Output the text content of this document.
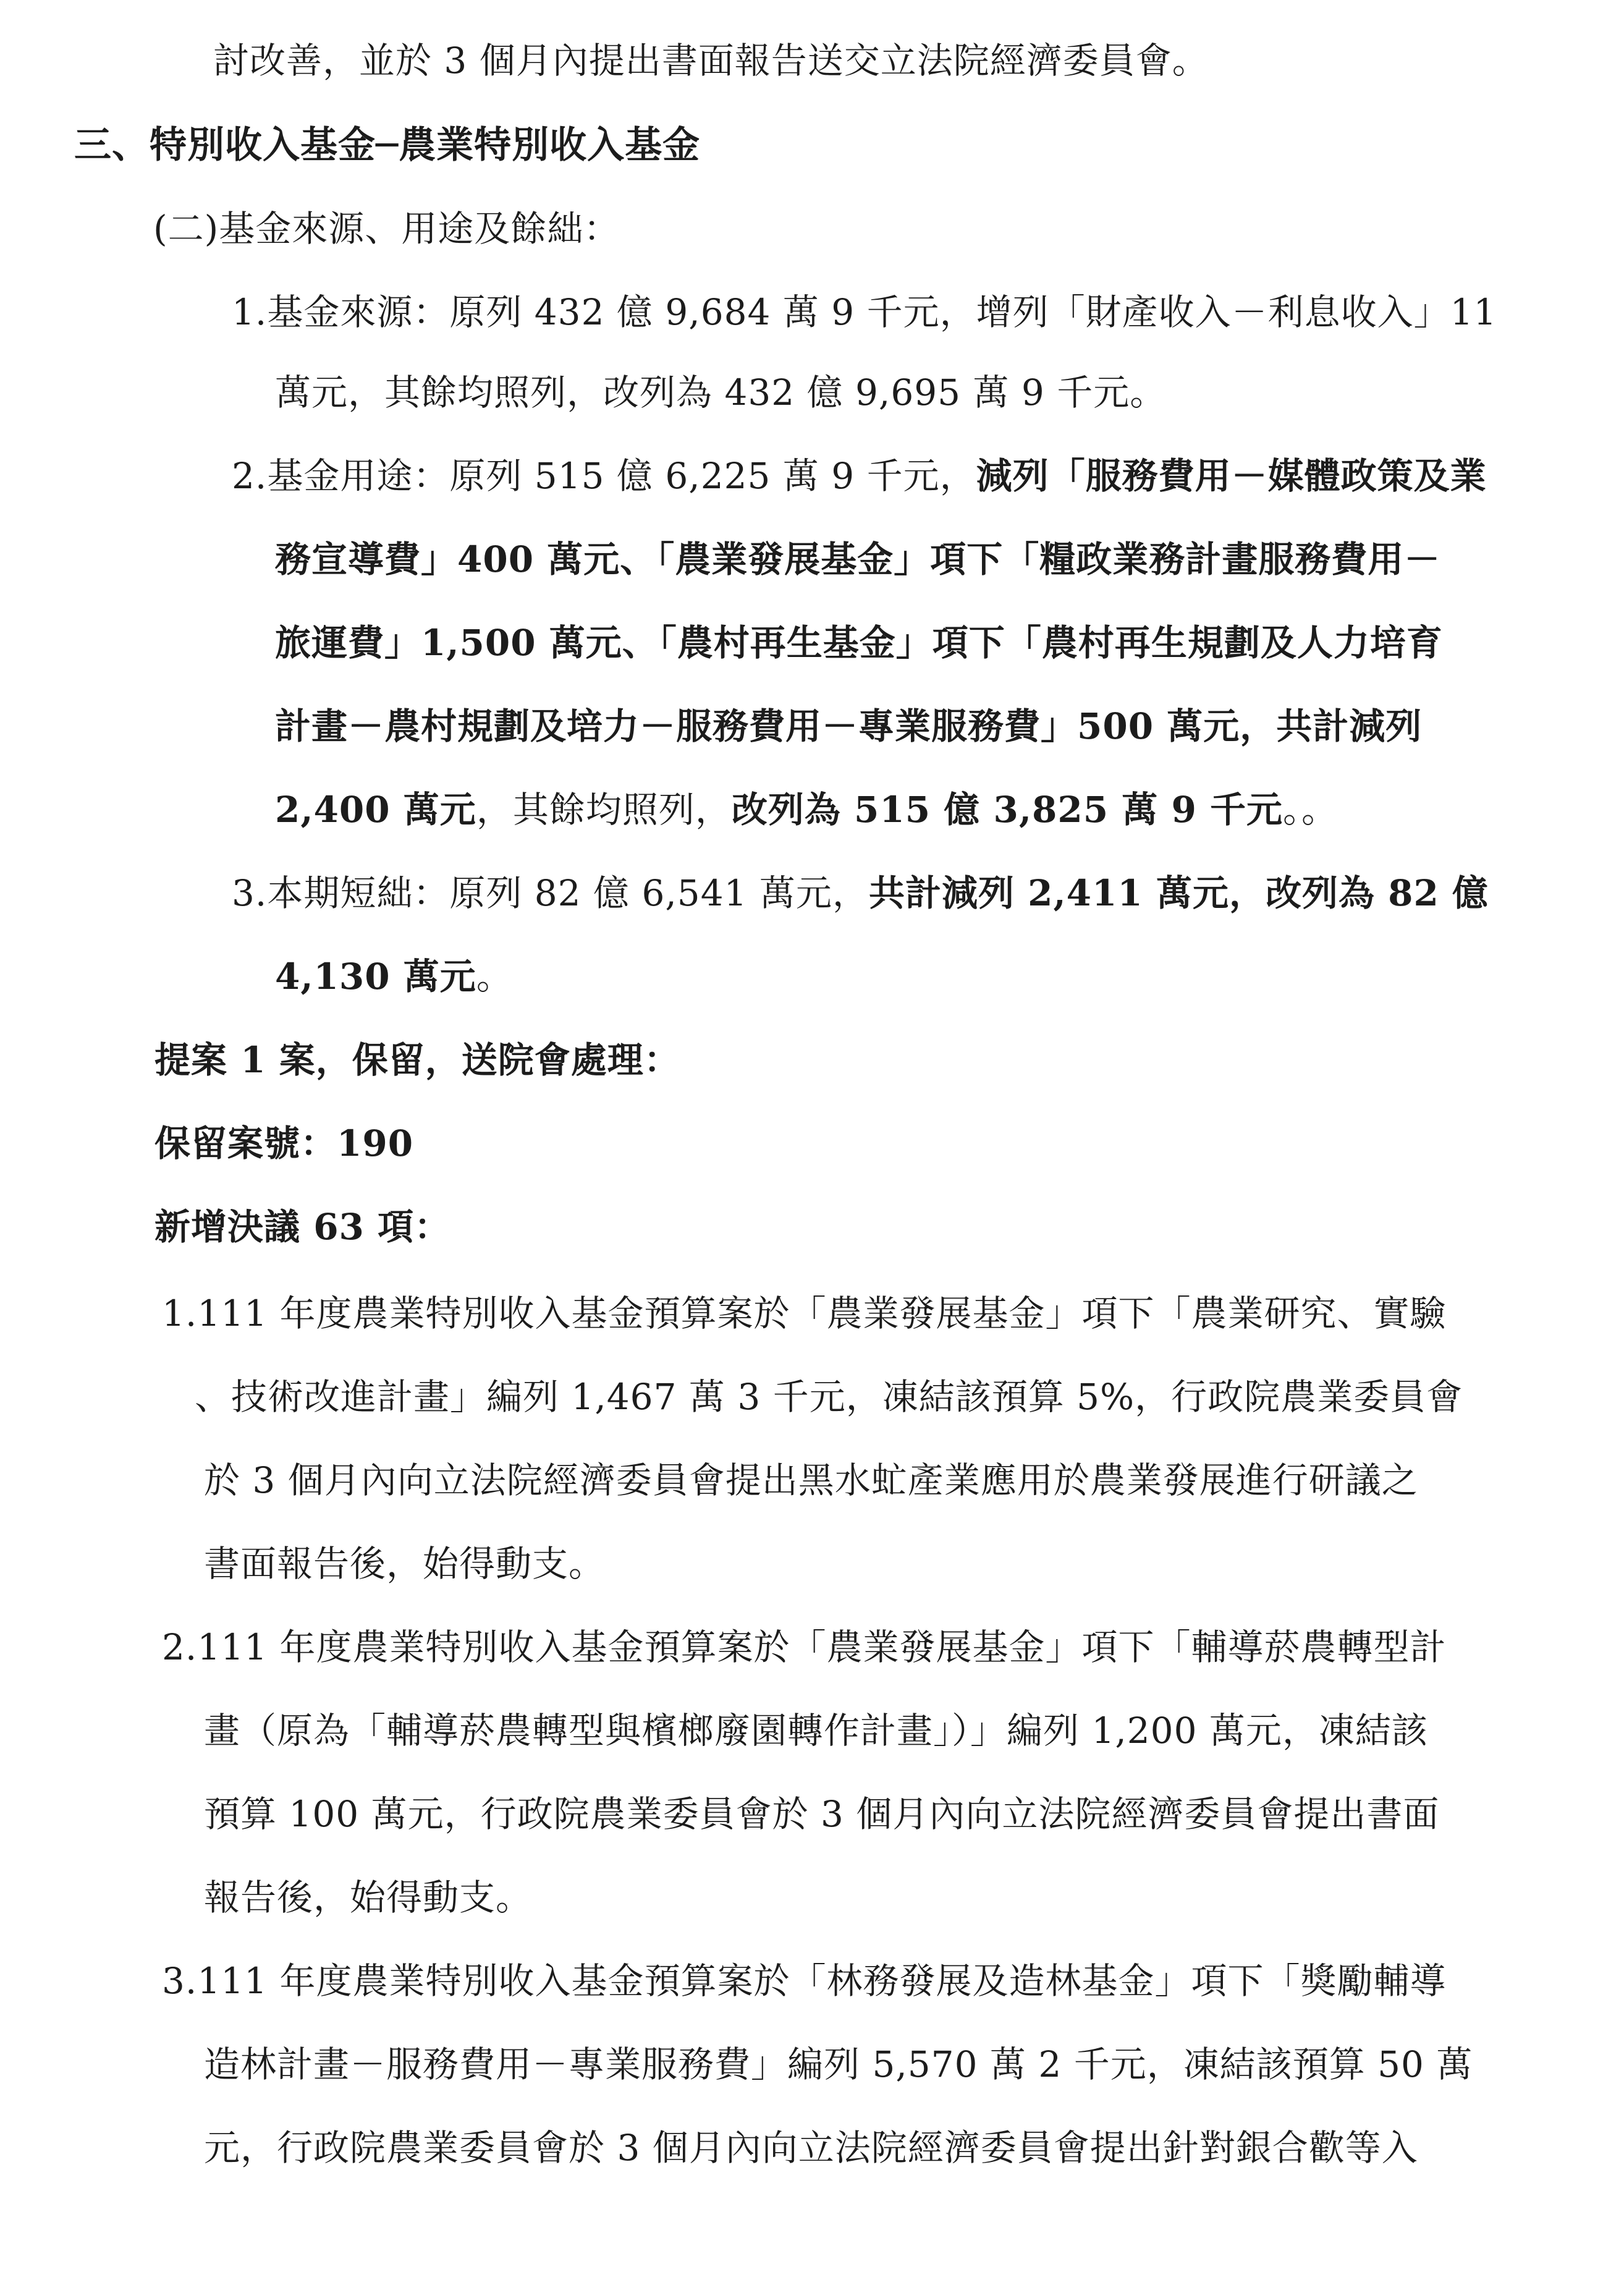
討改善，並於 3 個月內提出書面報告送交立法院經濟委員會。
三、特別收入基金─農業特別收入基金
(二)基金來源、用途及餘絀：
1.基金來源：原列 432 億 9,684 萬 9 千元，增列「財產收入－利息收入」11
萬元，其餘均照列，改列為 432 億 9,695 萬 9 千元。
2.基金用途：原列 515 億 6,225 萬 9 千元，減列「服務費用－媒體政策及業
務宣導費」400 萬元、「農業發展基金」項下「糧政業務計畫服務費用－
旅運費」1,500 萬元、「農村再生基金」項下「農村再生規劃及人力培育
計畫－農村規劃及培力－服務費用－專業服務費」500 萬元，共計減列
2,400 萬元，其餘均照列，改列為 515 億 3,825 萬 9 千元。。
3.本期短絀：原列 82 億 6,541 萬元，共計減列 2,411 萬元，改列為 82 億
4,130 萬元。
提案 1 案，保留，送院會處理：
保留案號：190
新增決議 63 項：
1.111 年度農業特別收入基金預算案於「農業發展基金」項下「農業研究、實驗
、技術改進計畫」編列 1,467 萬 3 千元，凍結該預算 5%，行政院農業委員會
於 3 個月內向立法院經濟委員會提出黑水虻產業應用於農業發展進行研議之
書面報告後，始得動支。
2.111 年度農業特別收入基金預算案於「農業發展基金」項下「輔導菸農轉型計
畫（原為「輔導菸農轉型與檳榔廢園轉作計畫」）」編列 1,200 萬元，凍結該
預算 100 萬元，行政院農業委員會於 3 個月內向立法院經濟委員會提出書面
報告後，始得動支。
3.111 年度農業特別收入基金預算案於「林務發展及造林基金」項下「獎勵輔導
造林計畫－服務費用－專業服務費」編列 5,570 萬 2 千元，凍結該預算 50 萬
元，行政院農業委員會於 3 個月內向立法院經濟委員會提出針對銀合歡等入
